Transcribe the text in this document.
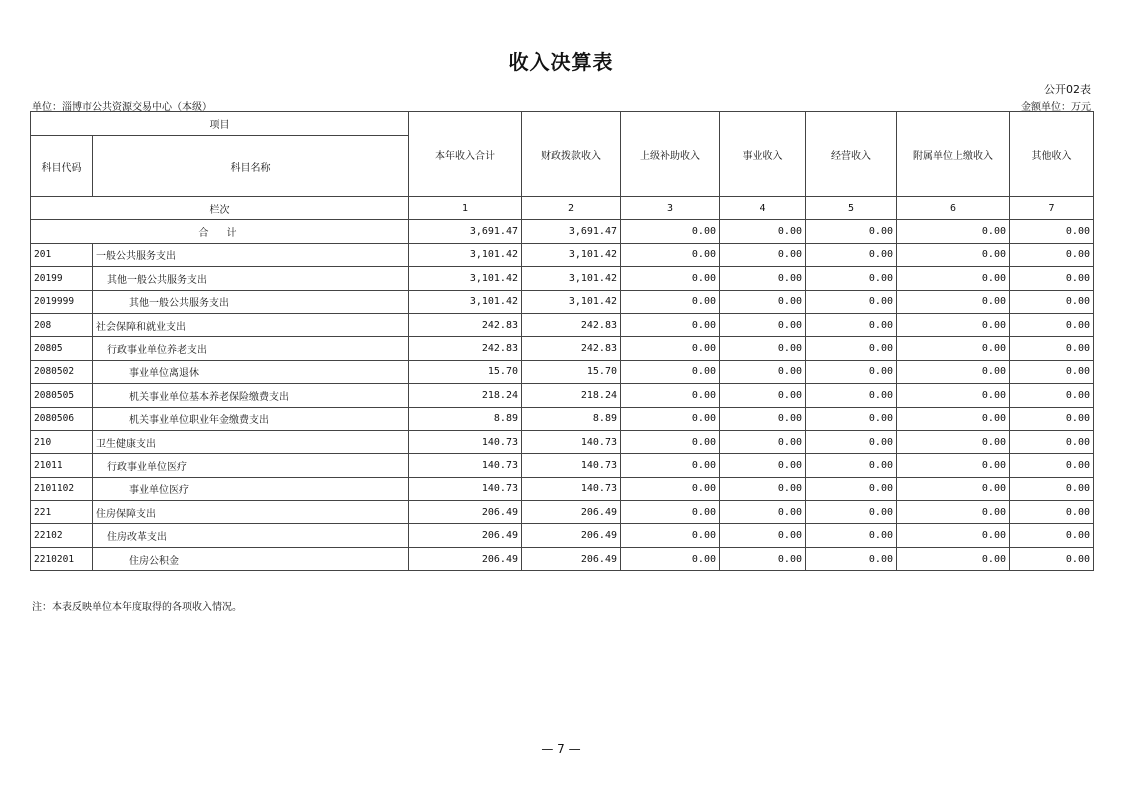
收入决算表
公开02表
单位：淄博市公共资源交易中心（本级）	金额单位：万元
项目		本年收入合计	财政拨款收入	上级补助收入	事业收入	经营收入	附属单位上缴收入	其他收入
科目代码	科目名称							
栏次		1	2	3	4	5	6	7
合　计		3,691.47	3,691.47	0.00	0.00	0.00	0.00	0.00
201	一般公共服务支出	3,101.42	3,101.42	0.00	0.00	0.00	0.00	0.00
20199	其他一般公共服务支出	3,101.42	3,101.42	0.00	0.00	0.00	0.00	0.00
2019999	其他一般公共服务支出	3,101.42	3,101.42	0.00	0.00	0.00	0.00	0.00
208	社会保障和就业支出	242.83	242.83	0.00	0.00	0.00	0.00	0.00
20805	行政事业单位养老支出	242.83	242.83	0.00	0.00	0.00	0.00	0.00
2080502	事业单位离退休	15.70	15.70	0.00	0.00	0.00	0.00	0.00
2080505	机关事业单位基本养老保险缴费支出	218.24	218.24	0.00	0.00	0.00	0.00	0.00
2080506	机关事业单位职业年金缴费支出	8.89	8.89	0.00	0.00	0.00	0.00	0.00
210	卫生健康支出	140.73	140.73	0.00	0.00	0.00	0.00	0.00
21011	行政事业单位医疗	140.73	140.73	0.00	0.00	0.00	0.00	0.00
2101102	事业单位医疗	140.73	140.73	0.00	0.00	0.00	0.00	0.00
221	住房保障支出	206.49	206.49	0.00	0.00	0.00	0.00	0.00
22102	住房改革支出	206.49	206.49	0.00	0.00	0.00	0.00	0.00
2210201	住房公积金	206.49	206.49	0.00	0.00	0.00	0.00	0.00
注：本表反映单位本年度取得的各项收入情况。
— 7 —
